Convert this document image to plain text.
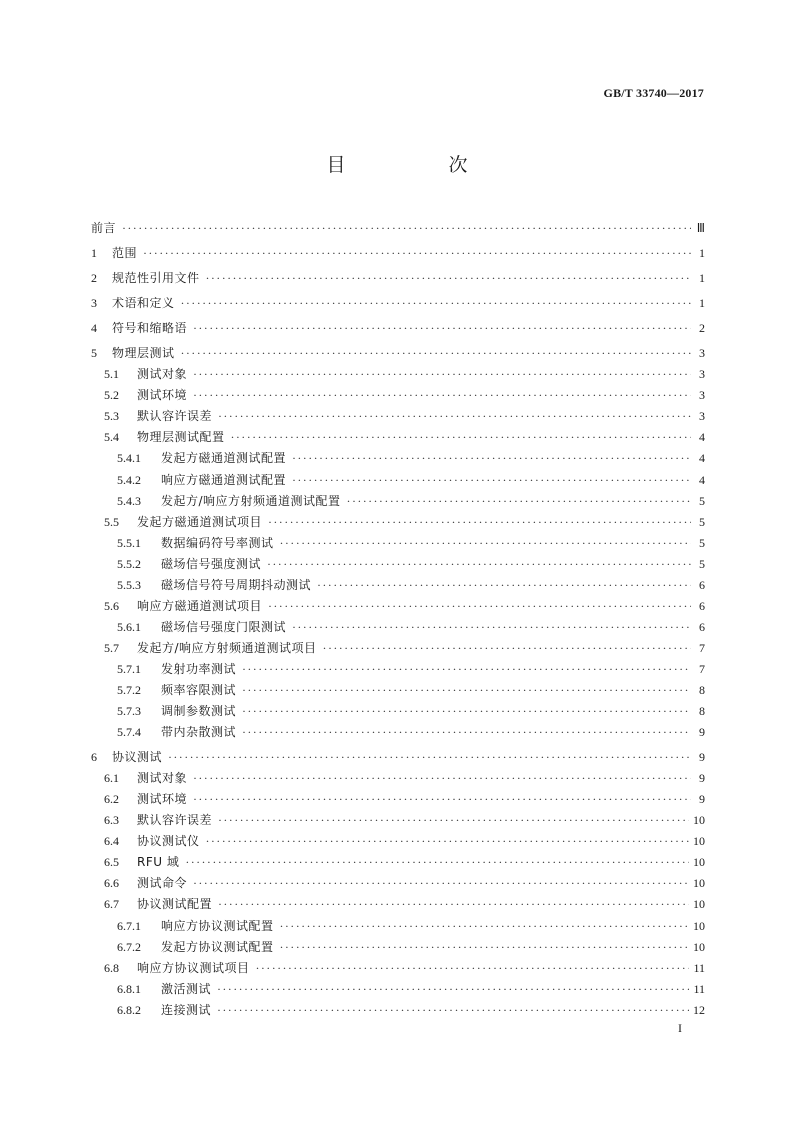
GB/T 33740—2017
目　次
前言 ·····	Ⅲ
1	范围 ·····	1
2	规范性引用文件 ·····	1
3	术语和定义 ·····	1
4	符号和缩略语 ·····	2
5	物理层测试 ·····	3
5.1	测试对象 ·····	3
5.2	测试环境 ·····	3
5.3	默认容许误差 ·····	3
5.4	物理层测试配置 ·····	4
5.4.1	发起方磁通道测试配置 ·····	4
5.4.2	响应方磁通道测试配置 ·····	4
5.4.3	发起方/响应方射频通道测试配置 ·····	5
5.5	发起方磁通道测试项目 ·····	5
5.5.1	数据编码符号率测试 ·····	5
5.5.2	磁场信号强度测试 ·····	5
5.5.3	磁场信号符号周期抖动测试 ·····	6
5.6	响应方磁通道测试项目 ·····	6
5.6.1	磁场信号强度门限测试 ·····	6
5.7	发起方/响应方射频通道测试项目 ·····	7
5.7.1	发射功率测试 ·····	7
5.7.2	频率容限测试 ·····	8
5.7.3	调制参数测试 ·····	8
5.7.4	带内杂散测试 ·····	9
6	协议测试 ·····	9
6.1	测试对象 ·····	9
6.2	测试环境 ·····	9
6.3	默认容许误差 ·····	10
6.4	协议测试仪 ·····	10
6.5	RFU 域 ·····	10
6.6	测试命令 ·····	10
6.7	协议测试配置 ·····	10
6.7.1	响应方协议测试配置 ·····	10
6.7.2	发起方协议测试配置 ·····	10
6.8	响应方协议测试项目 ·····	11
6.8.1	激活测试 ·····	11
6.8.2	连接测试 ·····	12
I
